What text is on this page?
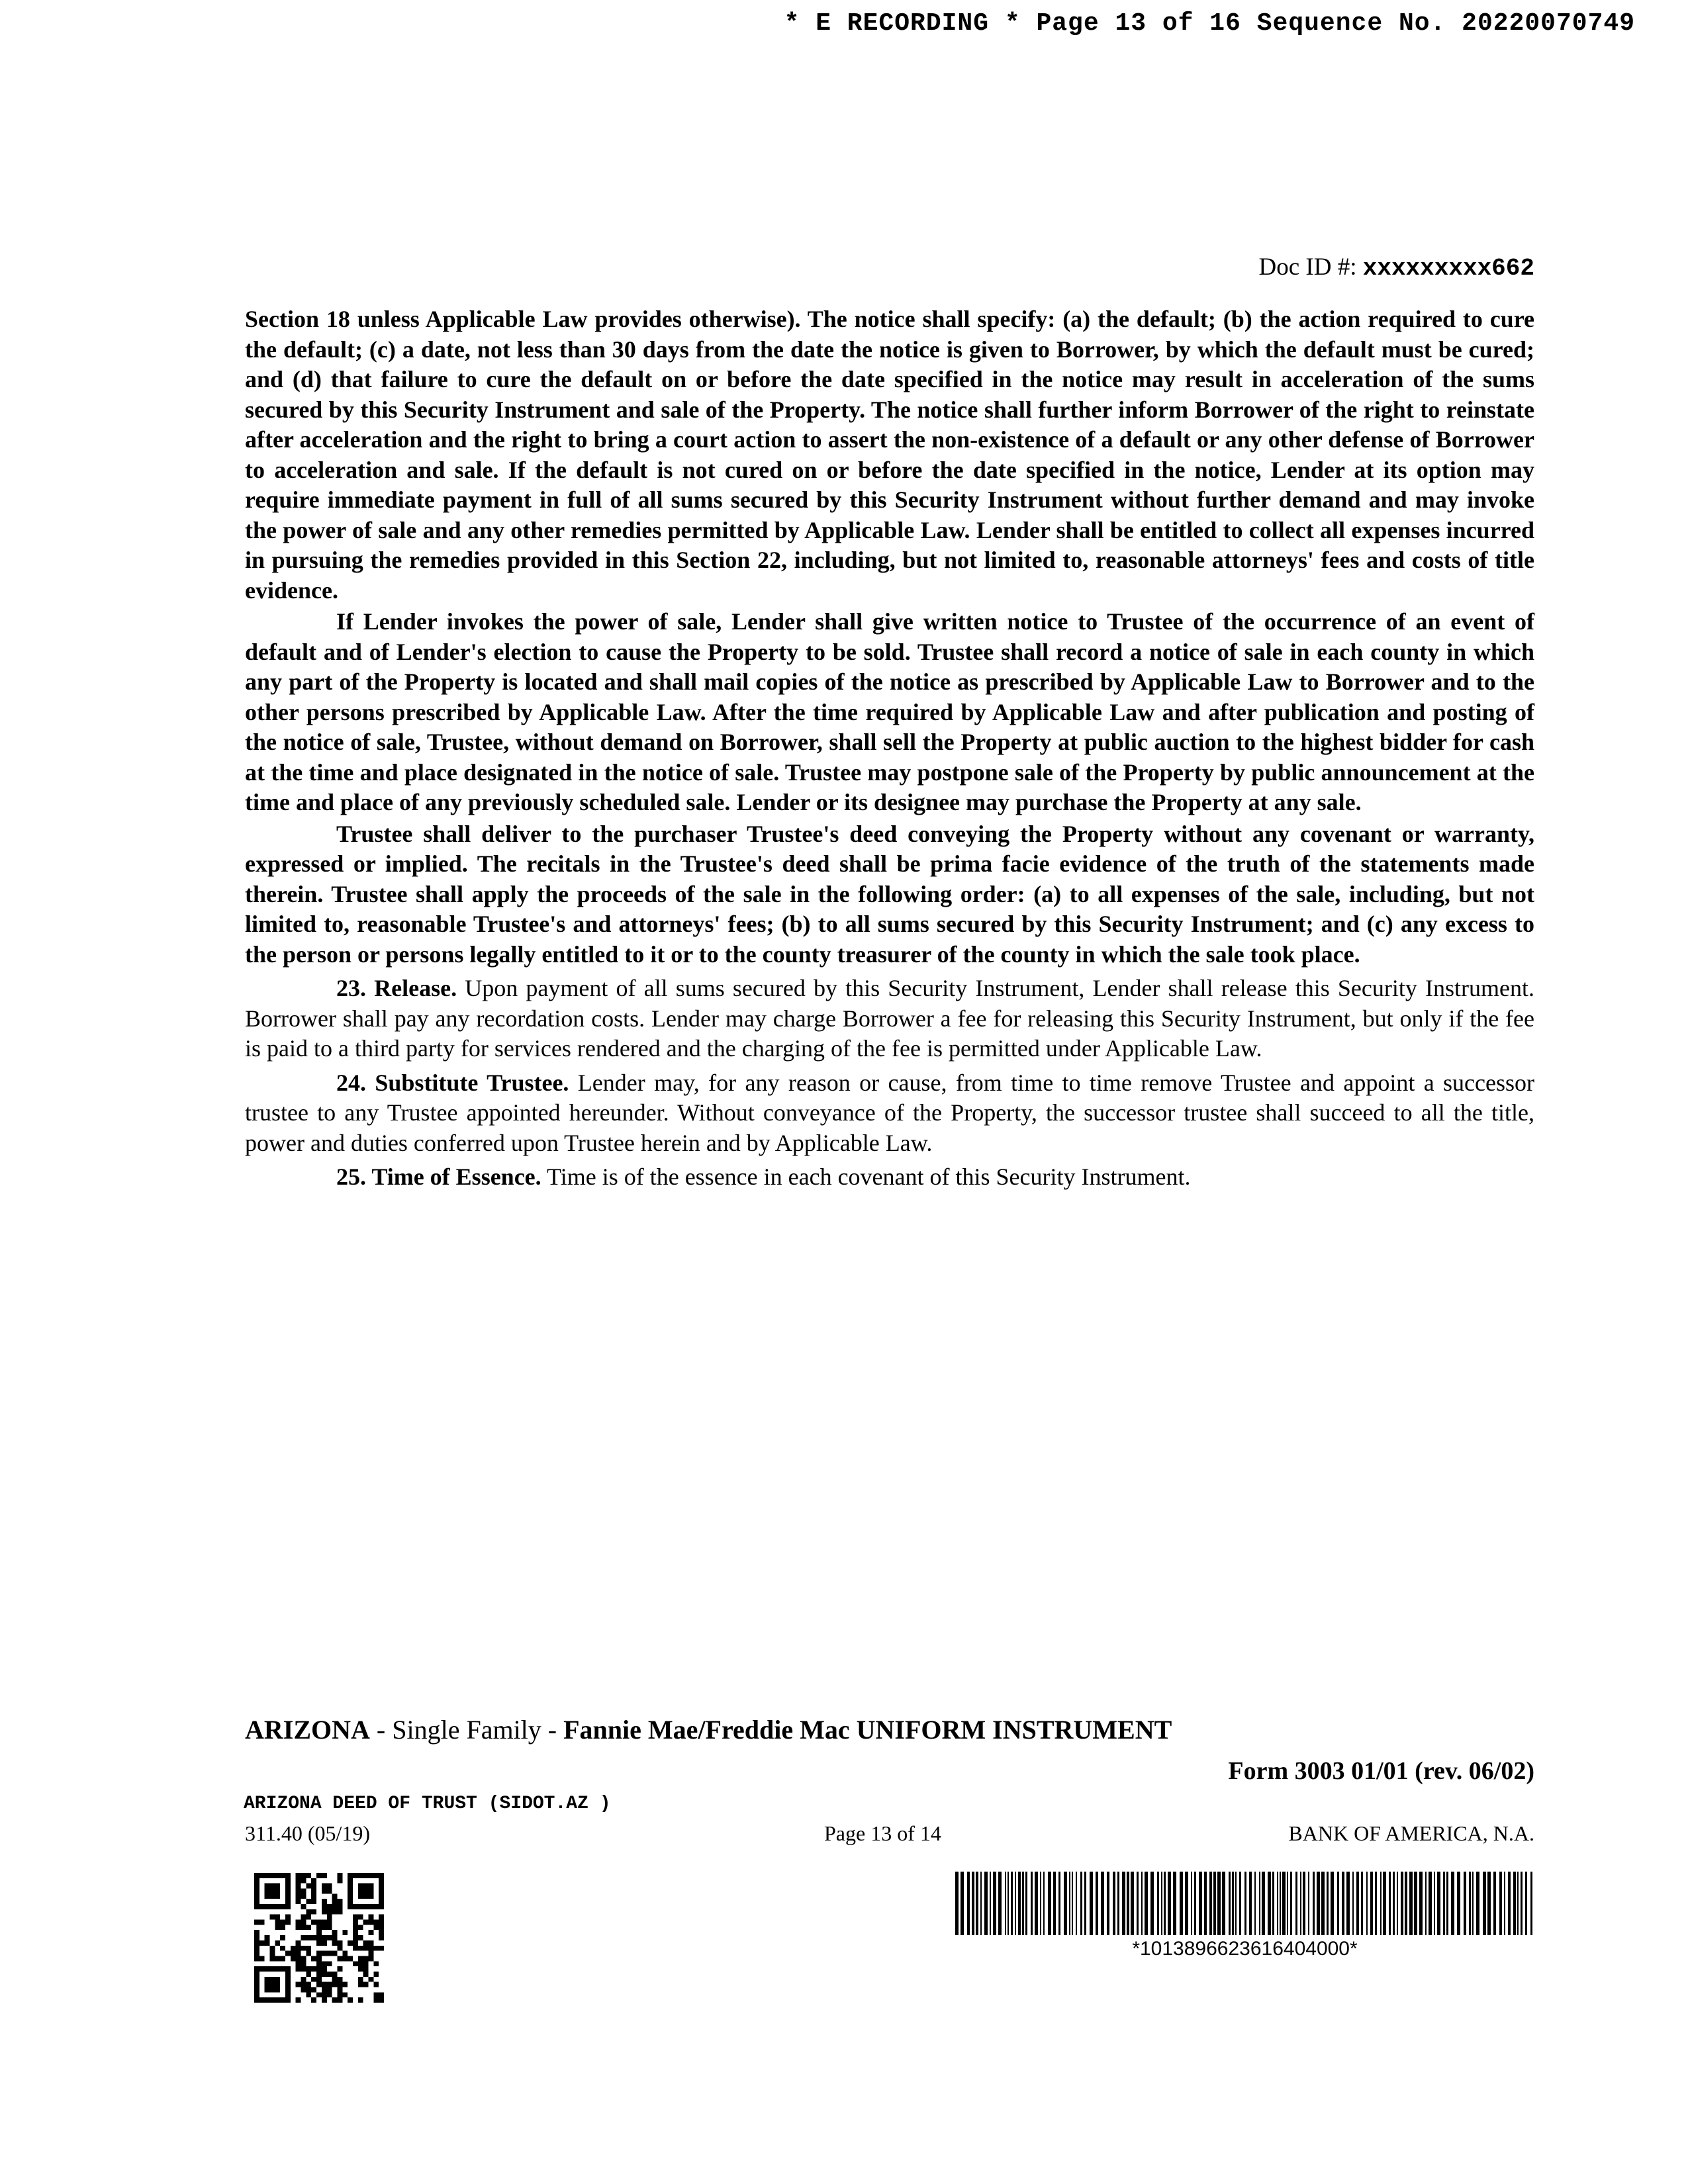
* E RECORDING * Page 13 of 16 Sequence No. 20220070749
Doc ID #: xxxxxxxxx662

Section 18 unless Applicable Law provides otherwise). The notice shall specify: (a) the default; (b) the action required to cure the default; (c) a date, not less than 30 days from the date the notice is given to Borrower, by which the default must be cured; and (d) that failure to cure the default on or before the date specified in the notice may result in acceleration of the sums secured by this Security Instrument and sale of the Property. The notice shall further inform Borrower of the right to reinstate after acceleration and the right to bring a court action to assert the non-existence of a default or any other defense of Borrower to acceleration and sale. If the default is not cured on or before the date specified in the notice, Lender at its option may require immediate payment in full of all sums secured by this Security Instrument without further demand and may invoke the power of sale and any other remedies permitted by Applicable Law. Lender shall be entitled to collect all expenses incurred in pursuing the remedies provided in this Section 22, including, but not limited to, reasonable attorneys' fees and costs of title evidence.

If Lender invokes the power of sale, Lender shall give written notice to Trustee of the occurrence of an event of default and of Lender's election to cause the Property to be sold. Trustee shall record a notice of sale in each county in which any part of the Property is located and shall mail copies of the notice as prescribed by Applicable Law to Borrower and to the other persons prescribed by Applicable Law. After the time required by Applicable Law and after publication and posting of the notice of sale, Trustee, without demand on Borrower, shall sell the Property at public auction to the highest bidder for cash at the time and place designated in the notice of sale. Trustee may postpone sale of the Property by public announcement at the time and place of any previously scheduled sale. Lender or its designee may purchase the Property at any sale.

Trustee shall deliver to the purchaser Trustee's deed conveying the Property without any covenant or warranty, expressed or implied. The recitals in the Trustee's deed shall be prima facie evidence of the truth of the statements made therein. Trustee shall apply the proceeds of the sale in the following order: (a) to all expenses of the sale, including, but not limited to, reasonable Trustee's and attorneys' fees; (b) to all sums secured by this Security Instrument; and (c) any excess to the person or persons legally entitled to it or to the county treasurer of the county in which the sale took place.

23. Release. Upon payment of all sums secured by this Security Instrument, Lender shall release this Security Instrument. Borrower shall pay any recordation costs. Lender may charge Borrower a fee for releasing this Security Instrument, but only if the fee is paid to a third party for services rendered and the charging of the fee is permitted under Applicable Law.

24. Substitute Trustee. Lender may, for any reason or cause, from time to time remove Trustee and appoint a successor trustee to any Trustee appointed hereunder. Without conveyance of the Property, the successor trustee shall succeed to all the title, power and duties conferred upon Trustee herein and by Applicable Law.

25. Time of Essence. Time is of the essence in each covenant of this Security Instrument.

ARIZONA - Single Family - Fannie Mae/Freddie Mac UNIFORM INSTRUMENT
Form 3003 01/01 (rev. 06/02)
ARIZONA DEED OF TRUST (SIDOT.AZ )
311.40 (05/19)	Page 13 of 14	BANK OF AMERICA, N.A.
*1013896623616404000*
